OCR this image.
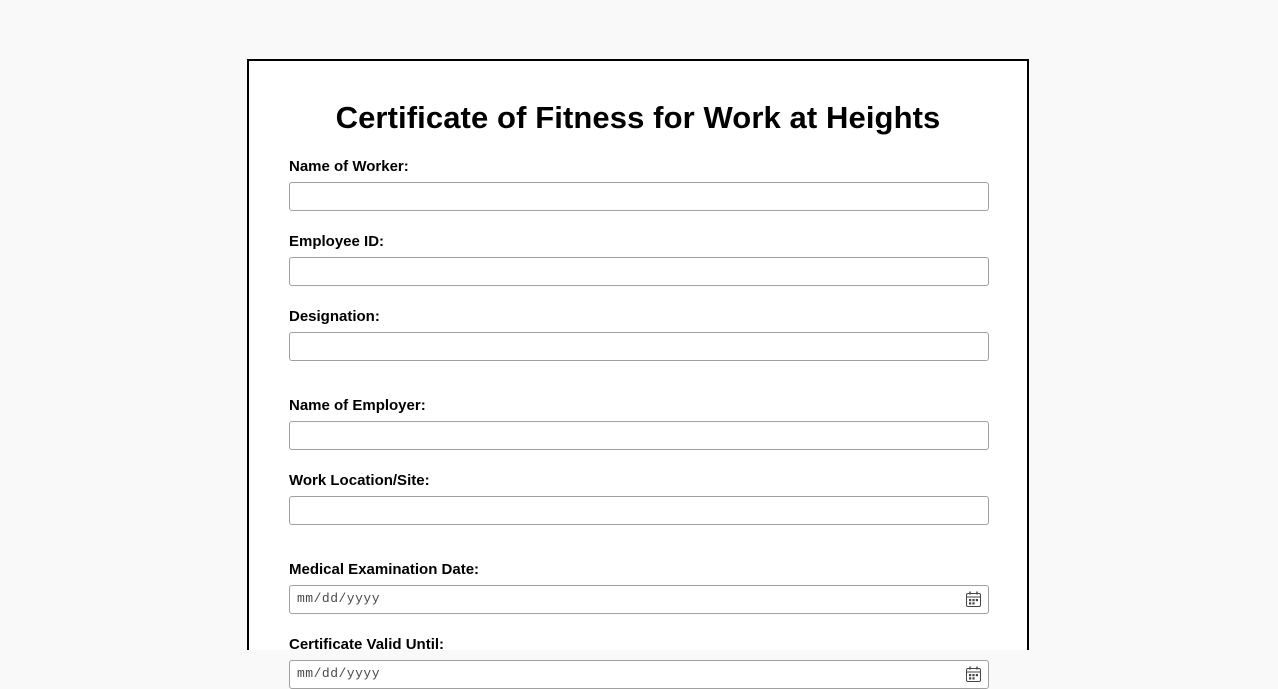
Certificate of Fitness for Work at Heights
Name of Worker:
Employee ID:
Designation:
Name of Employer:
Work Location/Site:
Medical Examination Date:
mm/dd/yyyy
Certificate Valid Until:
mm/dd/yyyy
